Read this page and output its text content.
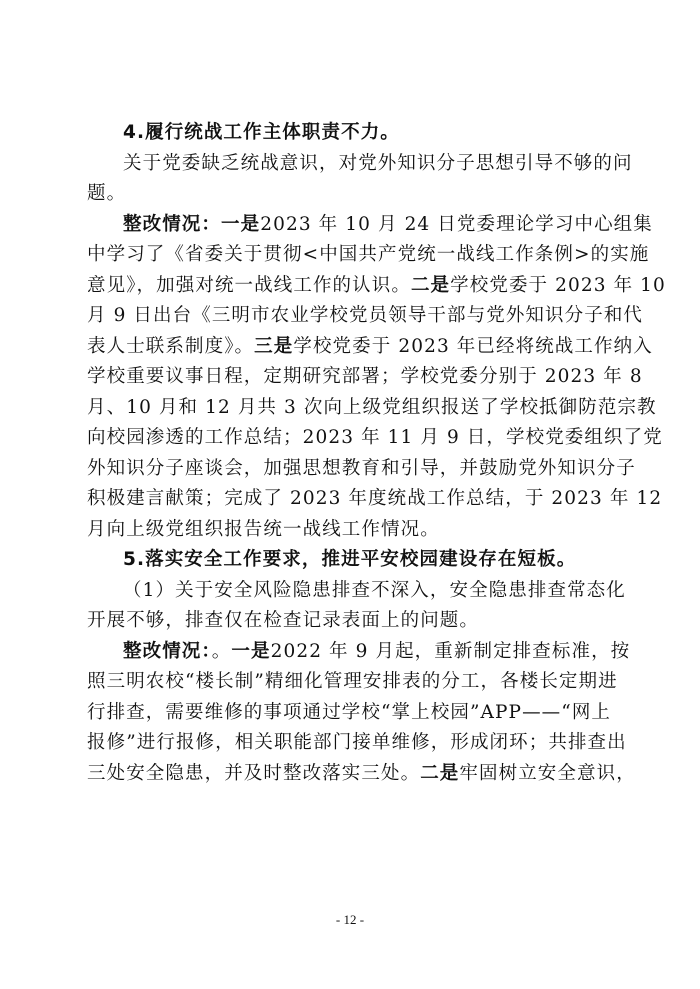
4.履行统战工作主体职责不力。
关于党委缺乏统战意识，对党外知识分子思想引导不够的问
题。
整改情况：一是2023 年 10 月 24 日党委理论学习中心组集
中学习了《省委关于贯彻<中国共产党统一战线工作条例>的实施
意见》，加强对统一战线工作的认识。二是学校党委于 2023 年 10
月 9 日出台《三明市农业学校党员领导干部与党外知识分子和代
表人士联系制度》。三是学校党委于 2023 年已经将统战工作纳入
学校重要议事日程，定期研究部署；学校党委分别于 2023 年 8
月、10 月和 12 月共 3 次向上级党组织报送了学校抵御防范宗教
向校园渗透的工作总结；2023 年 11 月 9 日，学校党委组织了党
外知识分子座谈会，加强思想教育和引导，并鼓励党外知识分子
积极建言献策；完成了 2023 年度统战工作总结，于 2023 年 12
月向上级党组织报告统一战线工作情况。
5.落实安全工作要求，推进平安校园建设存在短板。
（1）关于安全风险隐患排查不深入，安全隐患排查常态化
开展不够，排查仅在检查记录表面上的问题。
整改情况：。一是2022 年 9 月起，重新制定排查标准，按
照三明农校“楼长制”精细化管理安排表的分工，各楼长定期进
行排查，需要维修的事项通过学校“掌上校园”APP——“网上
报修”进行报修，相关职能部门接单维修，形成闭环；共排查出
三处安全隐患，并及时整改落实三处。二是牢固树立安全意识，
- 12 -
